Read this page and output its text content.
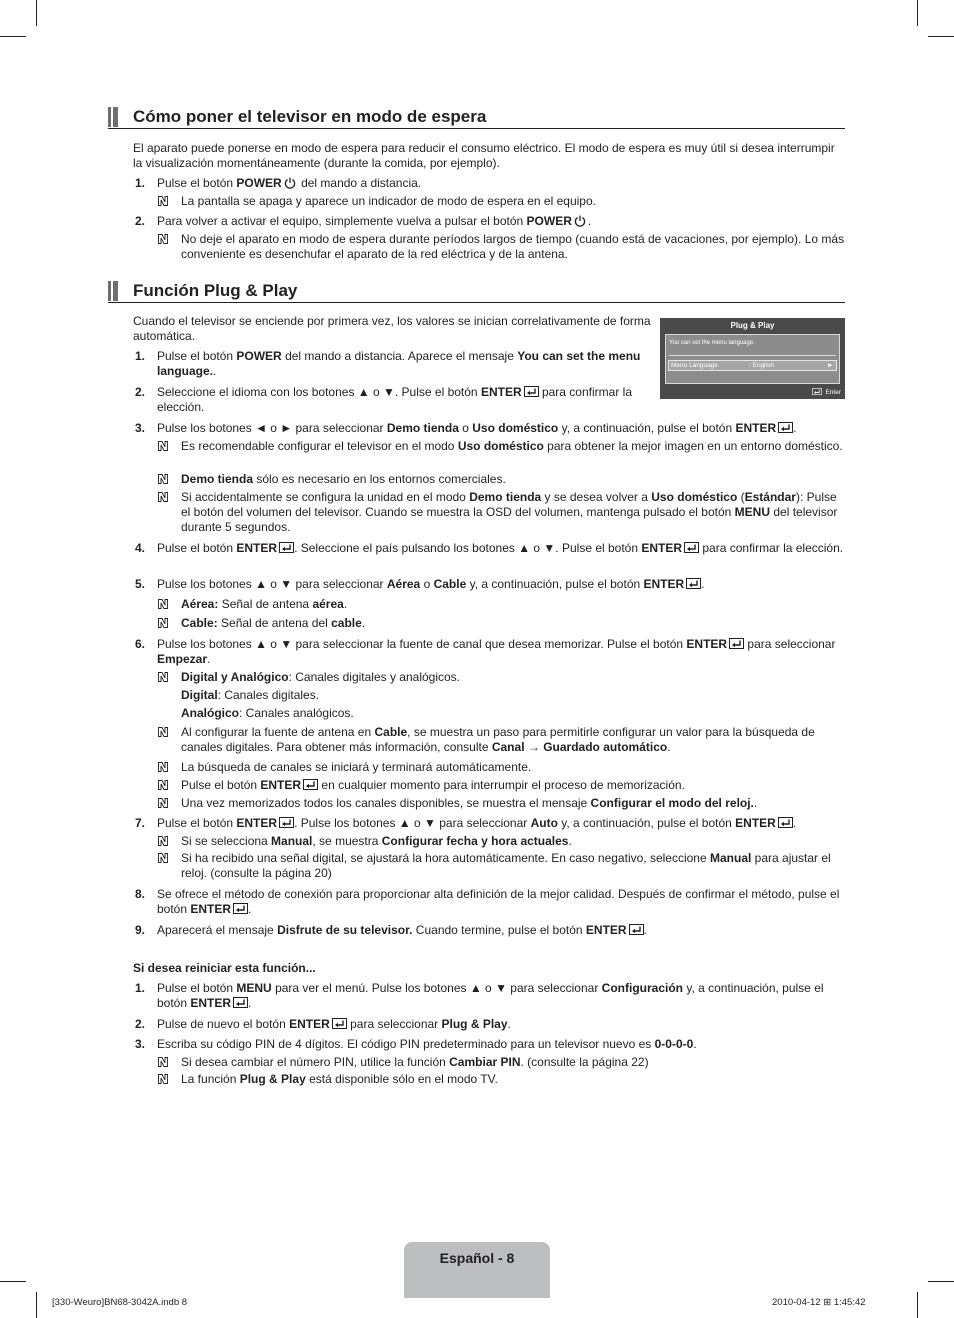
Cómo poner el televisor en modo de espera
El aparato puede ponerse en modo de espera para reducir el consumo eléctrico. El modo de espera es muy útil si desea interrumpir la visualización momentáneamente (durante la comida, por ejemplo).
1. Pulse el botón POWER del mando a distancia.
La pantalla se apaga y aparece un indicador de modo de espera en el equipo.
2. Para volver a activar el equipo, simplemente vuelva a pulsar el botón POWER .
No deje el aparato en modo de espera durante períodos largos de tiempo (cuando está de vacaciones, por ejemplo). Lo más conveniente es desenchufar el aparato de la red eléctrica y de la antena.
Función Plug & Play
Cuando el televisor se enciende por primera vez, los valores se inician correlativamente de forma automática.
Plug & Play
You can set the menu language.
Menu Language	: English	►
Enter
1. Pulse el botón POWER del mando a distancia. Aparece el mensaje You can set the menu language..
2. Seleccione el idioma con los botones ▲ o ▼. Pulse el botón ENTER para confirmar la elección.
3. Pulse los botones ◄ o ► para seleccionar Demo tienda o Uso doméstico y, a continuación, pulse el botón ENTER .
Es recomendable configurar el televisor en el modo Uso doméstico para obtener la mejor imagen en un entorno doméstico.
Demo tienda sólo es necesario en los entornos comerciales.
Si accidentalmente se configura la unidad en el modo Demo tienda y se desea volver a Uso doméstico (Estándar): Pulse el botón del volumen del televisor. Cuando se muestra la OSD del volumen, mantenga pulsado el botón MENU del televisor durante 5 segundos.
4. Pulse el botón ENTER . Seleccione el país pulsando los botones ▲ o ▼. Pulse el botón ENTER para confirmar la elección.
5. Pulse los botones ▲ o ▼ para seleccionar Aérea o Cable y, a continuación, pulse el botón ENTER .
Aérea: Señal de antena aérea.
Cable: Señal de antena del cable.
6. Pulse los botones ▲ o ▼ para seleccionar la fuente de canal que desea memorizar. Pulse el botón ENTER para seleccionar Empezar.
Digital y Analógico: Canales digitales y analógicos.
Digital: Canales digitales.
Analógico: Canales analógicos.
Al configurar la fuente de antena en Cable, se muestra un paso para permitirle configurar un valor para la búsqueda de canales digitales. Para obtener más información, consulte Canal → Guardado automático.
La búsqueda de canales se iniciará y terminará automáticamente.
Pulse el botón ENTER en cualquier momento para interrumpir el proceso de memorización.
Una vez memorizados todos los canales disponibles, se muestra el mensaje Configurar el modo del reloj..
7. Pulse el botón ENTER . Pulse los botones ▲ o ▼ para seleccionar Auto y, a continuación, pulse el botón ENTER .
Si se selecciona Manual, se muestra Configurar fecha y hora actuales.
Si ha recibido una señal digital, se ajustará la hora automáticamente. En caso negativo, seleccione Manual para ajustar el reloj. (consulte la página 20)
8. Se ofrece el método de conexión para proporcionar alta definición de la mejor calidad. Después de confirmar el método, pulse el botón ENTER .
9. Aparecerá el mensaje Disfrute de su televisor. Cuando termine, pulse el botón ENTER .
Si desea reiniciar esta función...
1. Pulse el botón MENU para ver el menú. Pulse los botones ▲ o ▼ para seleccionar Configuración y, a continuación, pulse el botón ENTER .
2. Pulse de nuevo el botón ENTER para seleccionar Plug & Play.
3. Escriba su código PIN de 4 dígitos. El código PIN predeterminado para un televisor nuevo es 0-0-0-0.
Si desea cambiar el número PIN, utilice la función Cambiar PIN. (consulte la página 22)
La función Plug & Play está disponible sólo en el modo TV.
Español - 8
[330-Weuro]BN68-3042A.indb 8	2010-04-12 ⊞ 1:45:42
